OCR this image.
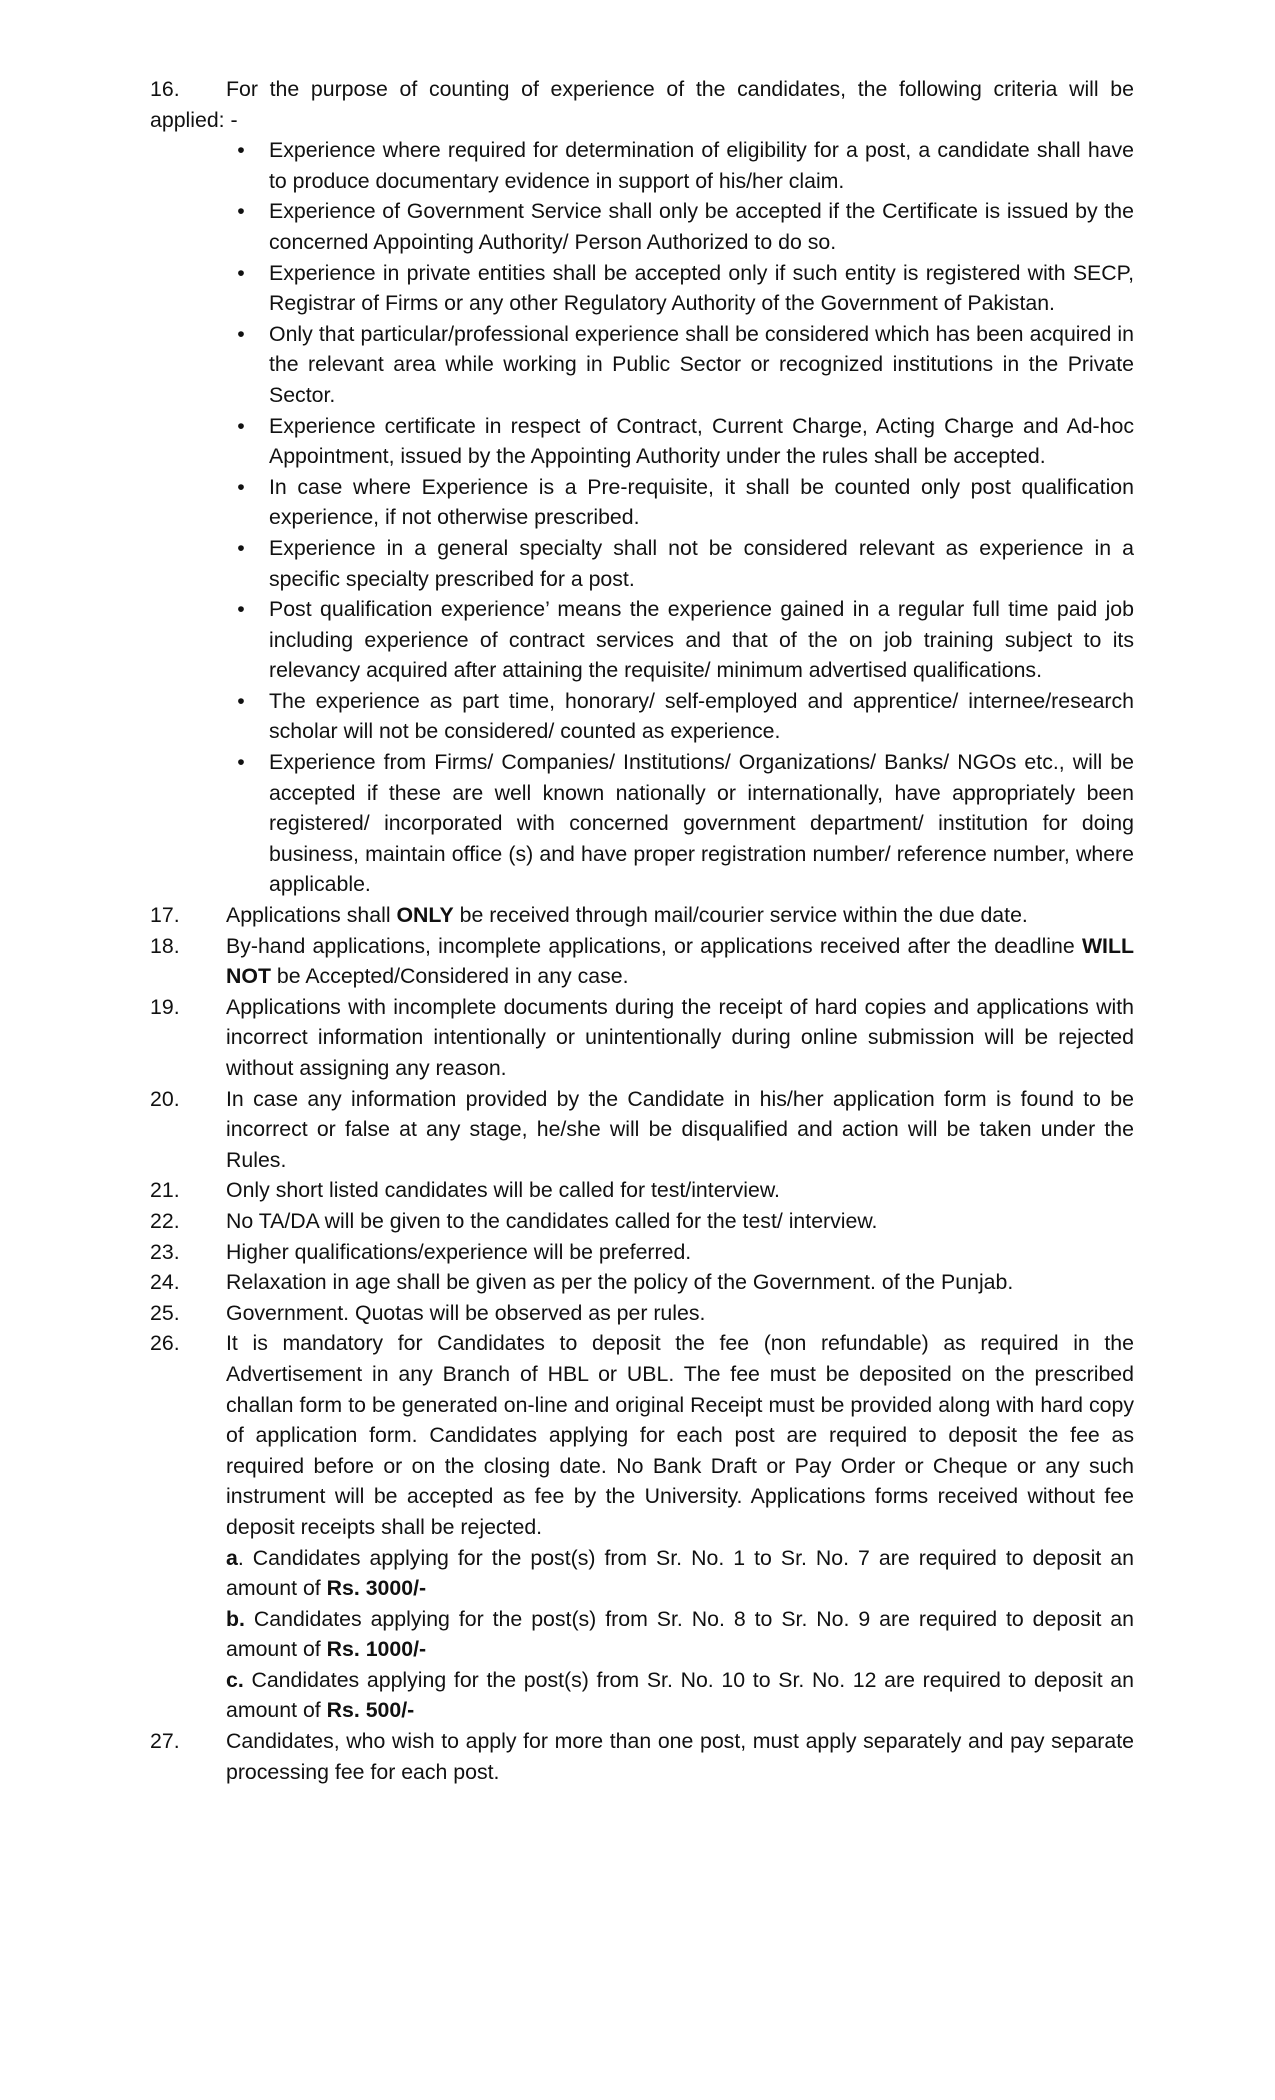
16. For the purpose of counting of experience of the candidates, the following criteria will be applied: -
• Experience where required for determination of eligibility for a post, a candidate shall have to produce documentary evidence in support of his/her claim.
• Experience of Government Service shall only be accepted if the Certificate is issued by the concerned Appointing Authority/ Person Authorized to do so.
• Experience in private entities shall be accepted only if such entity is registered with SECP, Registrar of Firms or any other Regulatory Authority of the Government of Pakistan.
• Only that particular/professional experience shall be considered which has been acquired in the relevant area while working in Public Sector or recognized institutions in the Private Sector.
• Experience certificate in respect of Contract, Current Charge, Acting Charge and Ad-hoc Appointment, issued by the Appointing Authority under the rules shall be accepted.
• In case where Experience is a Pre-requisite, it shall be counted only post qualification experience, if not otherwise prescribed.
• Experience in a general specialty shall not be considered relevant as experience in a specific specialty prescribed for a post.
• Post qualification experience’ means the experience gained in a regular full time paid job including experience of contract services and that of the on job training subject to its relevancy acquired after attaining the requisite/ minimum advertised qualifications.
• The experience as part time, honorary/ self-employed and apprentice/ internee/research scholar will not be considered/ counted as experience.
• Experience from Firms/ Companies/ Institutions/ Organizations/ Banks/ NGOs etc., will be accepted if these are well known nationally or internationally, have appropriately been registered/ incorporated with concerned government department/ institution for doing business, maintain office (s) and have proper registration number/ reference number, where applicable.
17.	Applications shall ONLY be received through mail/courier service within the due date.
18.	By-hand applications, incomplete applications, or applications received after the deadline WILL NOT be Accepted/Considered in any case.
19.	Applications with incomplete documents during the receipt of hard copies and applications with incorrect information intentionally or unintentionally during online submission will be rejected without assigning any reason.
20.	In case any information provided by the Candidate in his/her application form is found to be incorrect or false at any stage, he/she will be disqualified and action will be taken under the Rules.
21.	Only short listed candidates will be called for test/interview.
22.	No TA/DA will be given to the candidates called for the test/ interview.
23.	Higher qualifications/experience will be preferred.
24.	Relaxation in age shall be given as per the policy of the Government. of the Punjab.
25.	Government. Quotas will be observed as per rules.
26.	It is mandatory for Candidates to deposit the fee (non refundable) as required in the Advertisement in any Branch of HBL or UBL. The fee must be deposited on the prescribed challan form to be generated on-line and original Receipt must be provided along with hard copy of application form. Candidates applying for each post are required to deposit the fee as required before or on the closing date. No Bank Draft or Pay Order or Cheque or any such instrument will be accepted as fee by the University. Applications forms received without fee deposit receipts shall be rejected.
a. Candidates applying for the post(s) from Sr. No. 1 to Sr. No. 7 are required to deposit an amount of Rs. 3000/-
b. Candidates applying for the post(s) from Sr. No. 8 to Sr. No. 9 are required to deposit an amount of Rs. 1000/-
c. Candidates applying for the post(s) from Sr. No. 10 to Sr. No. 12 are required to deposit an amount of Rs. 500/-
27.	Candidates, who wish to apply for more than one post, must apply separately and pay separate processing fee for each post.
